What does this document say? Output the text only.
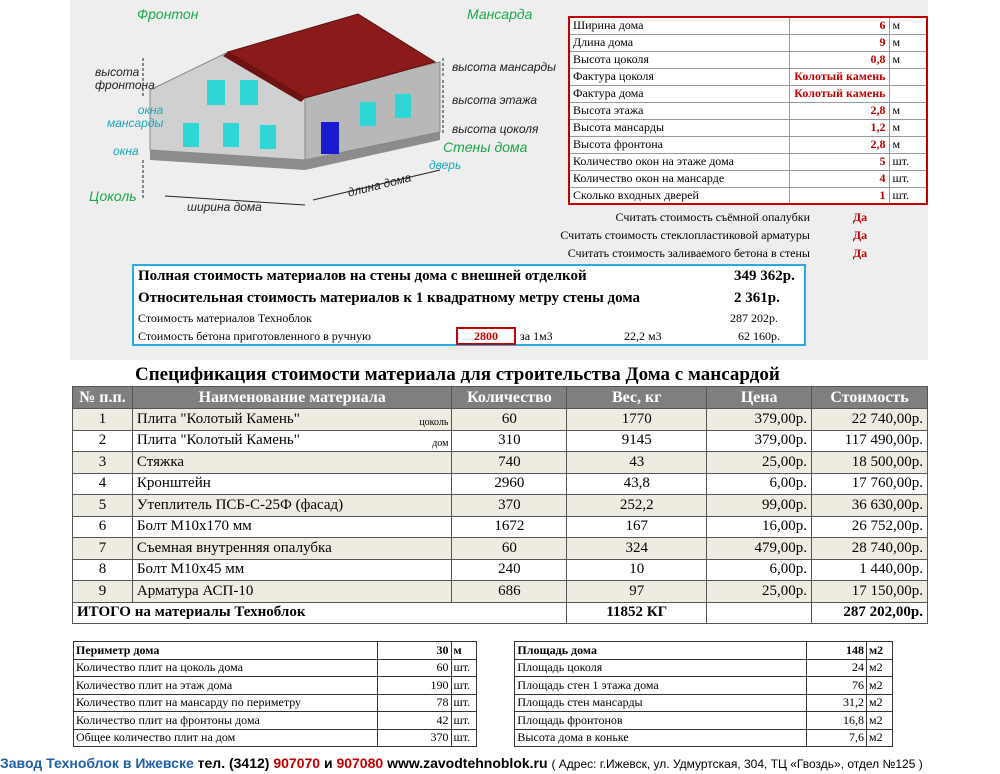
Фронтон	Мансарда
высота
фронтона
окна
мансарды
окна
Цоколь
ширина дома
длина дома
высота мансарды
высота этажа
высота цоколя
Стены дома
дверь
Ширина дома	6	м
Длина дома	9	м
Высота цоколя	0,8	м
Фактура цоколя	Колотый камень	
Фактура дома	Колотый камень	
Высота этажа	2,8	м
Высота мансарды	1,2	м
Высота фронтона	2,8	м
Количество окон на этаже дома	5	шт.
Количество окон на мансарде	4	шт.
Сколько входных дверей	1	шт.
Считать стоимость съёмной опалубки	Да
Считать стоимость стеклопластиковой арматуры	Да
Считать стоимость заливаемого бетона в стены	Да
Полная стоимость материалов на стены дома с внешней отделкой	349 362р.
Относительная стоимость материалов к 1 квадратному метру стены дома	2 361р.
Стоимость материалов Техноблок	287 202р.
Стоимость бетона приготовленного в ручную	2800	за 1м3	22,2 м3	62 160р.
Спецификация стоимости материала для строительства Дома с мансардой
№ п.п.	Наименование материала	Количество	Вес, кг	Цена	Стоимость
1	Плита "Колотый Камень" цоколь	60	1770	379,00р.	22 740,00р.
2	Плита "Колотый Камень" дом	310	9145	379,00р.	117 490,00р.
3	Стяжка	740	43	25,00р.	18 500,00р.
4	Кронштейн	2960	43,8	6,00р.	17 760,00р.
5	Утеплитель ПСБ-С-25Ф (фасад)	370	252,2	99,00р.	36 630,00р.
6	Болт М10х170 мм	1672	167	16,00р.	26 752,00р.
7	Съемная внутренняя опалубка	60	324	479,00р.	28 740,00р.
8	Болт М10х45 мм	240	10	6,00р.	1 440,00р.
9	Арматура АСП-10	686	97	25,00р.	17 150,00р.
ИТОГО на материалы Техноблок			11852 КГ		287 202,00р.
Периметр дома	30	м		Площадь дома	148	м2
Количество плит на цоколь дома	60	шт.		Площадь цоколя	24	м2
Количество плит на этаж дома	190	шт.		Площадь стен 1 этажа дома	76	м2
Количество плит на мансарду по периметру	78	шт.		Площадь стен мансарды	31,2	м2
Количество плит на фронтоны дома	42	шт.		Площадь фронтонов	16,8	м2
Общее количество плит на дом	370	шт.		Высота дома в коньке	7,6	м2
Завод Техноблок в Ижевске тел. (3412) 907070 и 907080 www.zavodtehnoblok.ru ( Адрес: г.Ижевск, ул. Удмуртская, 304, ТЦ «Гвоздь», отдел №125 )
